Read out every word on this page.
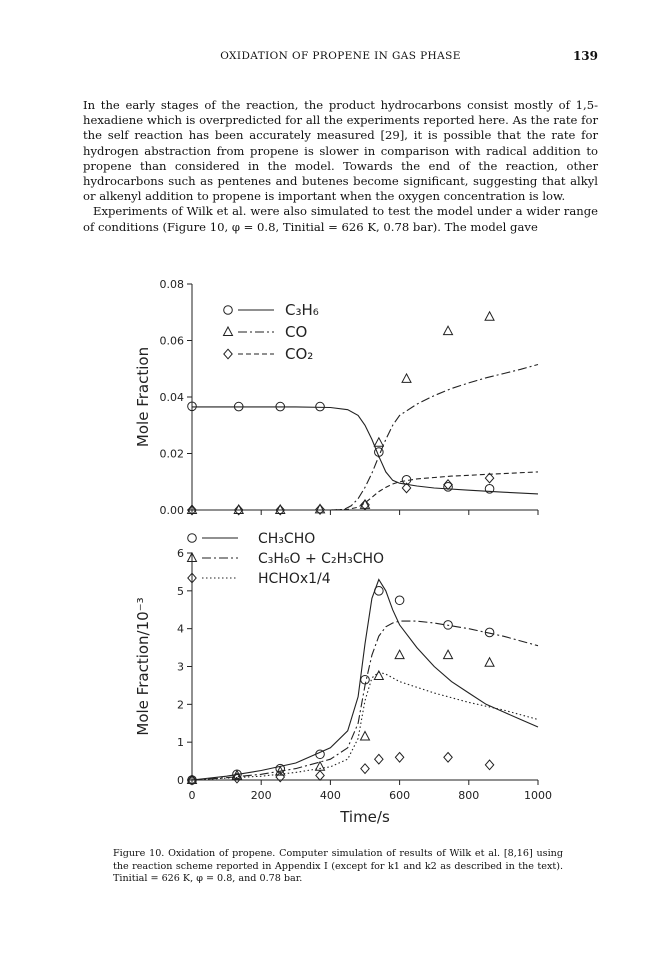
OXIDATION OF PROPENE IN GAS PHASE	139

In the early stages of the reaction, the product hydrocarbons consist mostly of 1,5-hexadiene which is overpredicted for all the experiments reported here. As the rate for the self reaction has been accurately measured [29], it is possible that the rate for hydrogen abstraction from propene is slower in comparison with radical addition to propene than considered in the model. Towards the end of the reaction, other hydrocarbons such as pentenes and butenes become significant, suggesting that alkyl or alkenyl addition to propene is important when the oxygen concentration is low.

Experiments of Wilk et al. were also simulated to test the model under a wider range of conditions (Figure 10, φ = 0.8, Tinitial = 626 K, 0.78 bar). The model gave

0.00
0.02
0.04
0.06
0.08
Mole Fraction
C₃H₆
CO
CO₂
0
1
2
3
4
5
6
0	200	400	600	800	1000
Mole Fraction/10⁻³
Time/s
CH₃CHO
C₃H₆O + C₂H₃CHO
HCHOx1/4
Figure 10. Oxidation of propene. Computer simulation of results of Wilk et al. [8,16] using the reaction scheme reported in Appendix I (except for k1 and k2 as described in the text). Tinitial = 626 K, φ = 0.8, and 0.78 bar.
